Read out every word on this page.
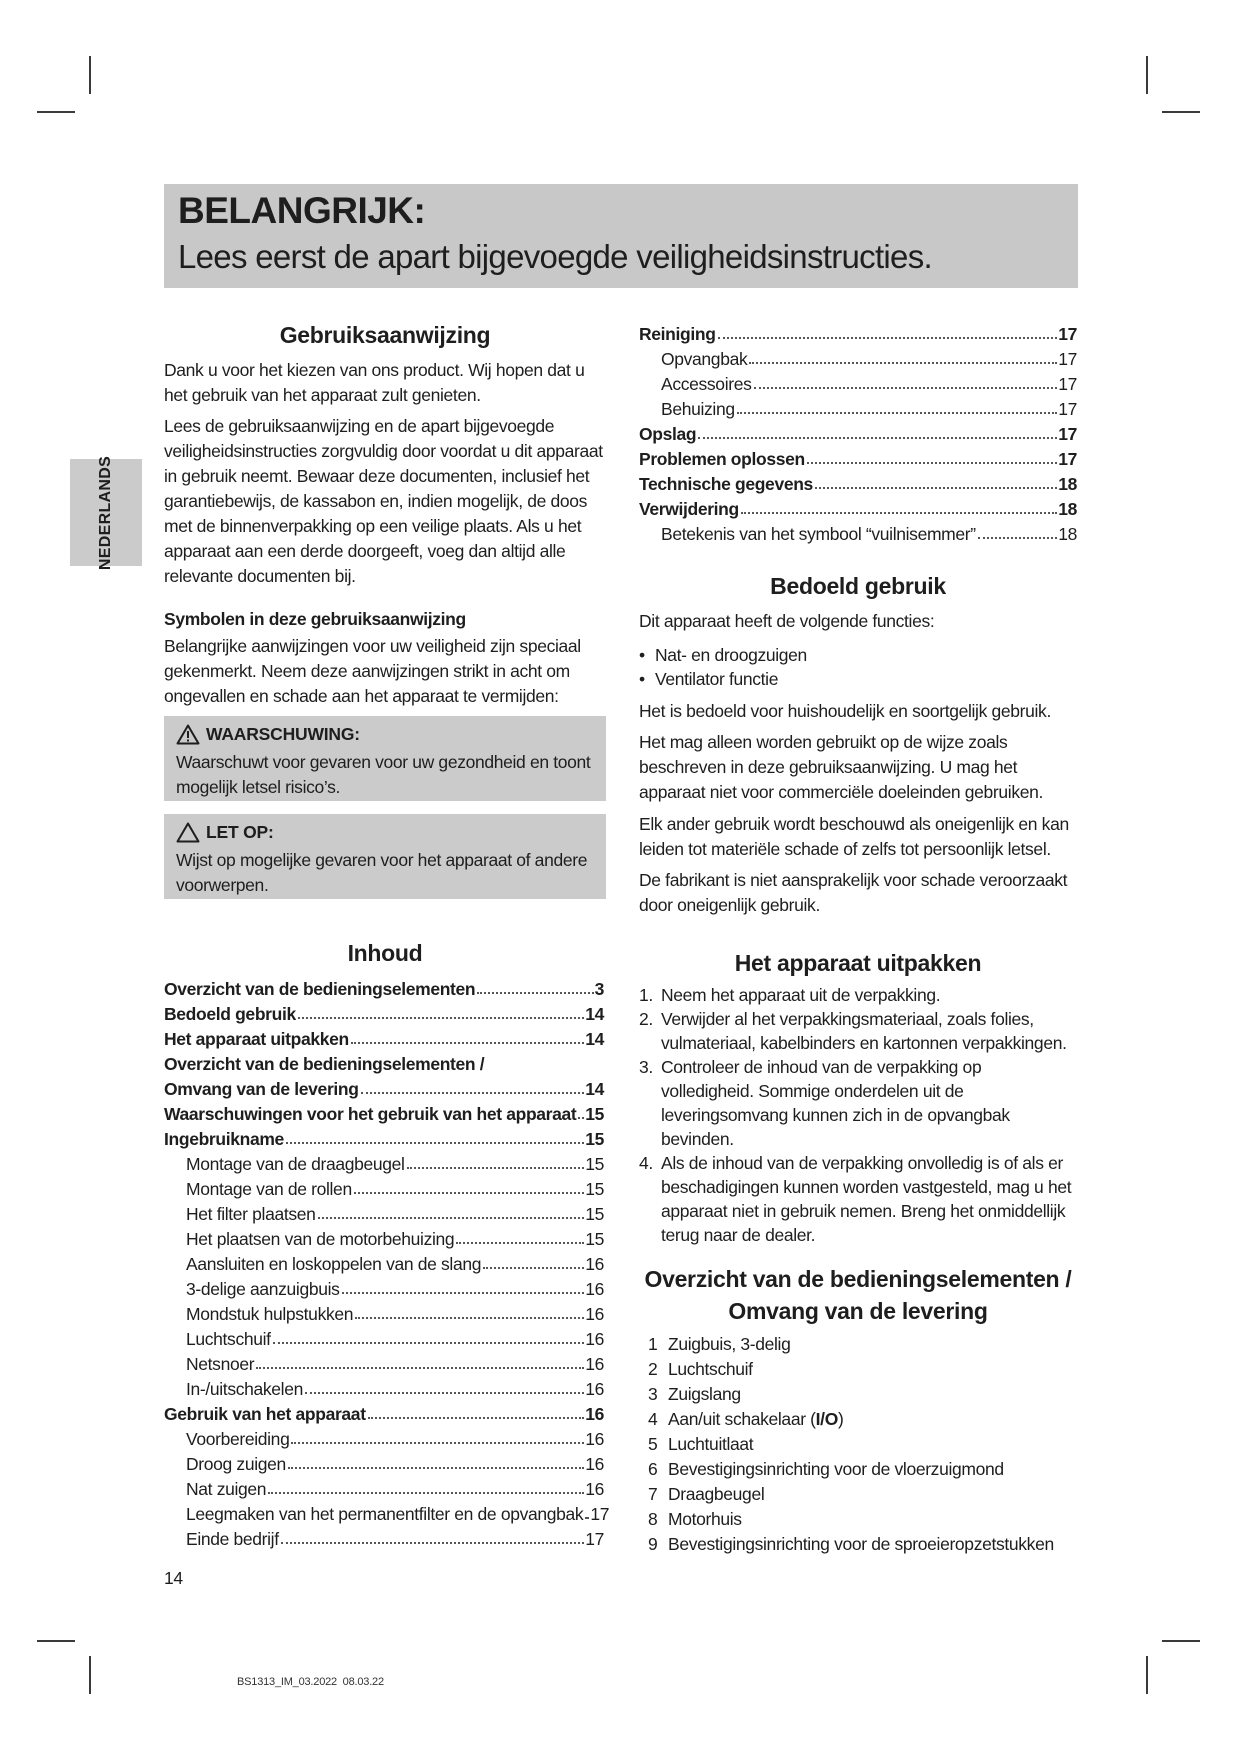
BELANGRIJK:
Lees eerst de apart bijgevoegde veiligheidsinstructies.
NEDERLANDS
Gebruiksaanwijzing

Dank u voor het kiezen van ons product. Wij hopen dat u het gebruik van het apparaat zult genieten.

Lees de gebruiksaanwijzing en de apart bijgevoegde veiligheidsinstructies zorgvuldig door voordat u dit apparaat in gebruik neemt. Bewaar deze documenten, inclusief het garantiebewijs, de kassabon en, indien mogelijk, de doos met de binnenverpakking op een veilige plaats. Als u het apparaat aan een derde doorgeeft, voeg dan altijd alle relevante documenten bij.

Symbolen in deze gebruiksaanwijzing

Belangrijke aanwijzingen voor uw veiligheid zijn speciaal gekenmerkt. Neem deze aanwijzingen strikt in acht om ongevallen en schade aan het apparaat te vermijden:

WAARSCHUWING:
Waarschuwt voor gevaren voor uw gezondheid en toont mogelijk letsel risico’s.
LET OP:
Wijst op mogelijke gevaren voor het apparaat of andere voorwerpen.
Inhoud
Overzicht van de bedieningselementen	3
Bedoeld gebruik	14
Het apparaat uitpakken	14
Overzicht van de bedieningselementen /
Omvang van de levering	14
Waarschuwingen voor het gebruik van het apparaat 15
Ingebruikname	15
Montage van de draagbeugel	15
Montage van de rollen	15
Het filter plaatsen	15
Het plaatsen van de motorbehuizing	15
Aansluiten en loskoppelen van de slang	16
3-delige aanzuigbuis	16
Mondstuk hulpstukken	16
Luchtschuif	16
Netsnoer	16
In-/uitschakelen	16
Gebruik van het apparaat	16
Voorbereiding	16
Droog zuigen	16
Nat zuigen	16
Leegmaken van het permanentfilter en de opvangbak 17
Einde bedrijf	17
14
Reiniging	17
Opvangbak	17
Accessoires	17
Behuizing	17
Opslag	17
Problemen oplossen	17
Technische gegevens	18
Verwijdering	18
Betekenis van het symbool “vuilnisemmer”	18
Bedoeld gebruik

Dit apparaat heeft de volgende functies:

• Nat- en droogzuigen
• Ventilator functie

Het is bedoeld voor huishoudelijk en soortgelijk gebruik.

Het mag alleen worden gebruikt op de wijze zoals beschreven in deze gebruiksaanwijzing. U mag het apparaat niet voor commerciële doeleinden gebruiken.

Elk ander gebruik wordt beschouwd als oneigenlijk en kan leiden tot materiële schade of zelfs tot persoonlijk letsel.

De fabrikant is niet aansprakelijk voor schade veroorzaakt door oneigenlijk gebruik.

Het apparaat uitpakken
1. Neem het apparaat uit de verpakking.
2. Verwijder al het verpakkingsmateriaal, zoals folies, vulmateriaal, kabelbinders en kartonnen verpakkingen.
3. Controleer de inhoud van de verpakking op volledigheid. Sommige onderdelen uit de leveringsomvang kunnen zich in de opvangbak bevinden.
4. Als de inhoud van de verpakking onvolledig is of als er beschadigingen kunnen worden vastgesteld, mag u het apparaat niet in gebruik nemen. Breng het onmiddellijk terug naar de dealer.
Overzicht van de bedieningselementen /
Omvang van de levering
1 Zuigbuis, 3-delig
2 Luchtschuif
3 Zuigslang
4 Aan/uit schakelaar (I/O)
5 Luchtuitlaat
6 Bevestigingsinrichting voor de vloerzuigmond
7 Draagbeugel
8 Motorhuis
9 Bevestigingsinrichting voor de sproeieropzetstukken
BS1313_IM_03.2022  08.03.22
